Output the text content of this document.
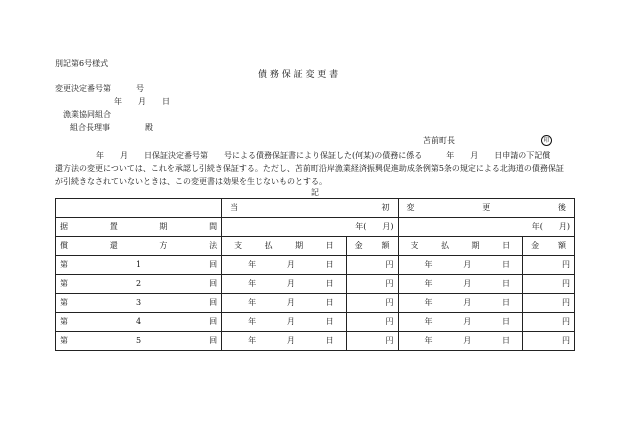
別記第6号様式
債 務 保 証 変 更 書
変更決定番号第	号
年 月 日
漁業協同組合
組合長理事	殿
苫前町長	印
年　　月　　日保証決定番号第　　号による債務保証書により保証した(何某)の債務に係る　　　年　　月　　日申請の下記償
還方法の変更については、これを承認し引続き保証する。ただし、苫前町沿岸漁業経済振興促進助成条例第5条の規定による北海道の債務保証
が引続きなされていないときは、この変更書は効果を生じないものとする。
記

	当 初		変 更 後	

据 置 期 間	年(　　月)		年(　　月)	

償 還 方 法	支 払 期 日	金 額	支 払 期 日	金 額

第 1 回	年 月 日	円	年 月 日	円

第 2 回	年 月 日	円	年 月 日	円

第 3 回	年 月 日	円	年 月 日	円

第 4 回	年 月 日	円	年 月 日	円

第 5 回	年 月 日	円	年 月 日	円
